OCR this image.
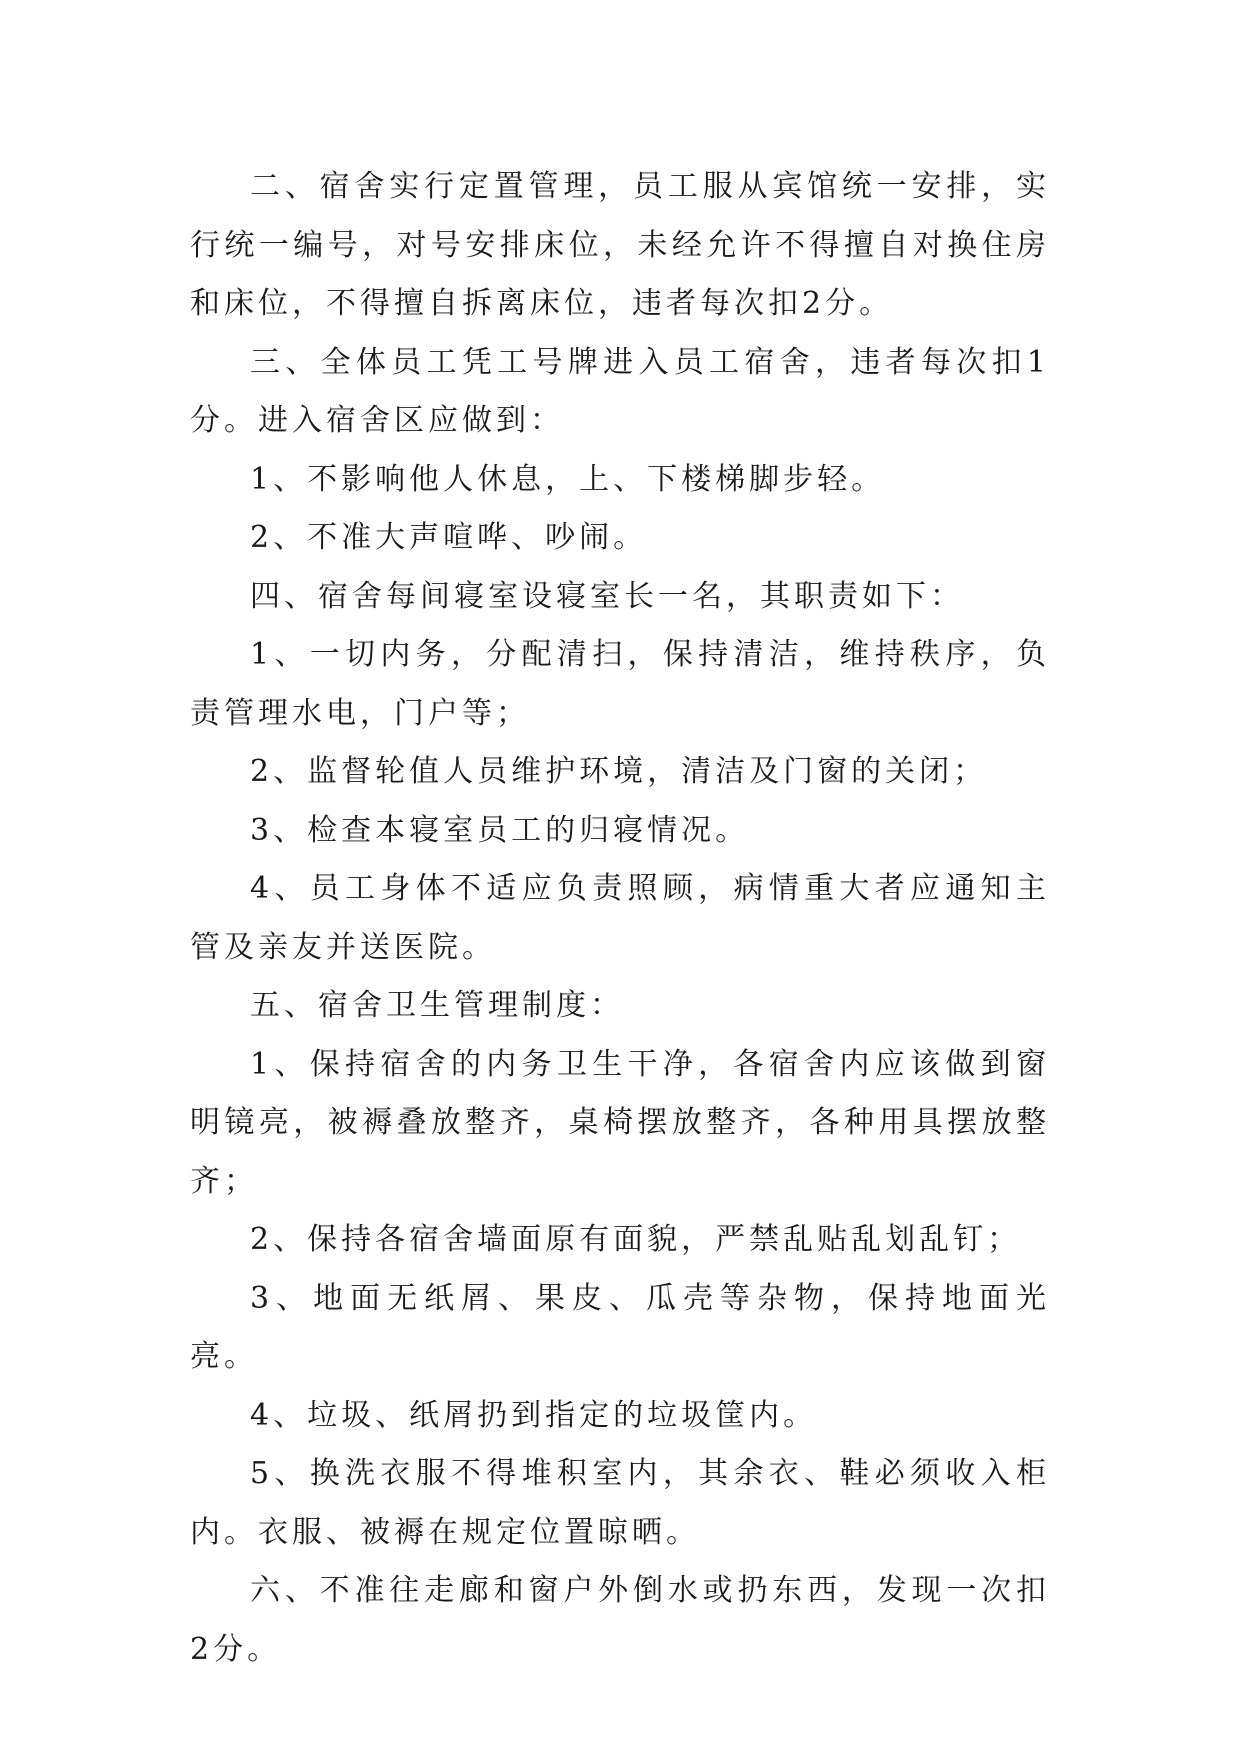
二、宿舍实行定置管理，员工服从宾馆统一安排，实行统一编号，对号安排床位，未经允许不得擅自对换住房和床位，不得擅自拆离床位，违者每次扣2分。

三、全体员工凭工号牌进入员工宿舍，违者每次扣1分。进入宿舍区应做到：

1、不影响他人休息，上、下楼梯脚步轻。

2、不准大声喧哗、吵闹。

四、宿舍每间寝室设寝室长一名，其职责如下：

1、一切内务，分配清扫，保持清洁，维持秩序，负责管理水电，门户等；

2、监督轮值人员维护环境，清洁及门窗的关闭；

3、检查本寝室员工的归寝情况。

4、员工身体不适应负责照顾，病情重大者应通知主管及亲友并送医院。

五、宿舍卫生管理制度：

1、保持宿舍的内务卫生干净，各宿舍内应该做到窗明镜亮，被褥叠放整齐，桌椅摆放整齐，各种用具摆放整齐；

2、保持各宿舍墙面原有面貌，严禁乱贴乱划乱钉；

3、地面无纸屑、果皮、瓜壳等杂物，保持地面光亮。

4、垃圾、纸屑扔到指定的垃圾筐内。

5、换洗衣服不得堆积室内，其余衣、鞋必须收入柜内。衣服、被褥在规定位置晾晒。

六、不准往走廊和窗户外倒水或扔东西，发现一次扣2分。
